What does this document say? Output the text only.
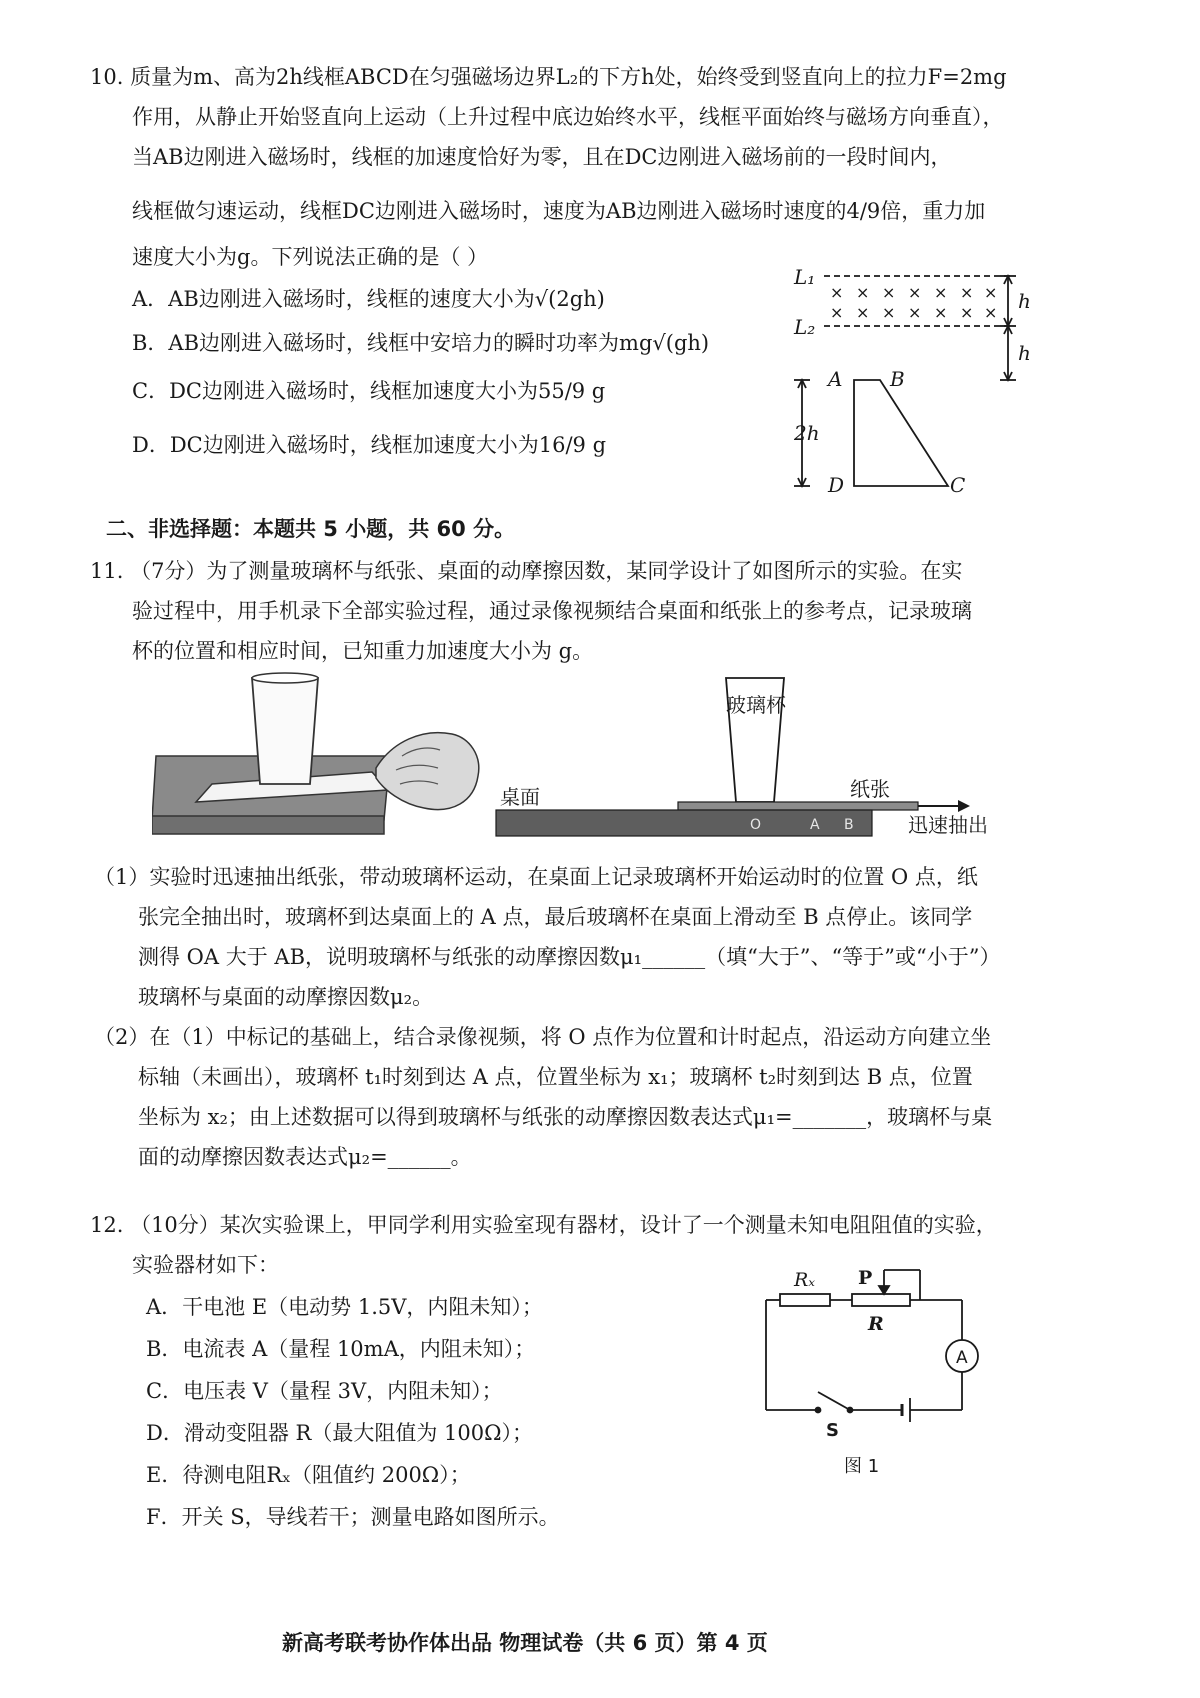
10. 质量为m、高为2h线框ABCD在匀强磁场边界L₂的下方h处，始终受到竖直向上的拉力F=2mg
作用，从静止开始竖直向上运动（上升过程中底边始终水平，线框平面始终与磁场方向垂直），
当AB边刚进入磁场时，线框的加速度恰好为零，且在DC边刚进入磁场前的一段时间内，
线框做匀速运动，线框DC边刚进入磁场时，速度为AB边刚进入磁场时速度的4/9倍，重力加
速度大小为g。下列说法正确的是（ ）
A．AB边刚进入磁场时，线框的速度大小为√(2gh)
B．AB边刚进入磁场时，线框中安培力的瞬时功率为mg√(gh)
C．DC边刚进入磁场时，线框加速度大小为55/9 g
D．DC边刚进入磁场时，线框加速度大小为16/9 g
× × × × × × ×
× × × × × × ×
L₁
L₂
h
h
2h
A B
C
D
二、非选择题：本题共 5 小题，共 60 分。
11. （7分）为了测量玻璃杯与纸张、桌面的动摩擦因数，某同学设计了如图所示的实验。在实
验过程中，用手机录下全部实验过程，通过录像视频结合桌面和纸张上的参考点，记录玻璃
杯的位置和相应时间，已知重力加速度大小为 g。
玻璃杯
纸张
桌面
迅速抽出
O	A B
（1）实验时迅速抽出纸张，带动玻璃杯运动，在桌面上记录玻璃杯开始运动时的位置 O 点，纸
张完全抽出时，玻璃杯到达桌面上的 A 点，最后玻璃杯在桌面上滑动至 B 点停止。该同学
测得 OA 大于 AB，说明玻璃杯与纸张的动摩擦因数μ₁______（填“大于”、“等于”或“小于”）
玻璃杯与桌面的动摩擦因数μ₂。
（2）在（1）中标记的基础上，结合录像视频，将 O 点作为位置和计时起点，沿运动方向建立坐
标轴（未画出），玻璃杯 t₁时刻到达 A 点，位置坐标为 x₁；玻璃杯 t₂时刻到达 B 点，位置
坐标为 x₂；由上述数据可以得到玻璃杯与纸张的动摩擦因数表达式μ₁=_______，玻璃杯与桌
面的动摩擦因数表达式μ₂=______。
12. （10分）某次实验课上，甲同学利用实验室现有器材，设计了一个测量未知电阻阻值的实验，
实验器材如下：
A．干电池 E（电动势 1.5V，内阻未知）；
B．电流表 A（量程 10mA，内阻未知）；
C．电压表 V（量程 3V，内阻未知）；
D．滑动变阻器 R（最大阻值为 100Ω）；
E．待测电阻Rₓ（阻值约 200Ω）；
F．开关 S，导线若干；测量电路如图所示。
Rₓ P
R
A
S
图 1
新高考联考协作体出品 物理试卷（共 6 页）第 4 页
